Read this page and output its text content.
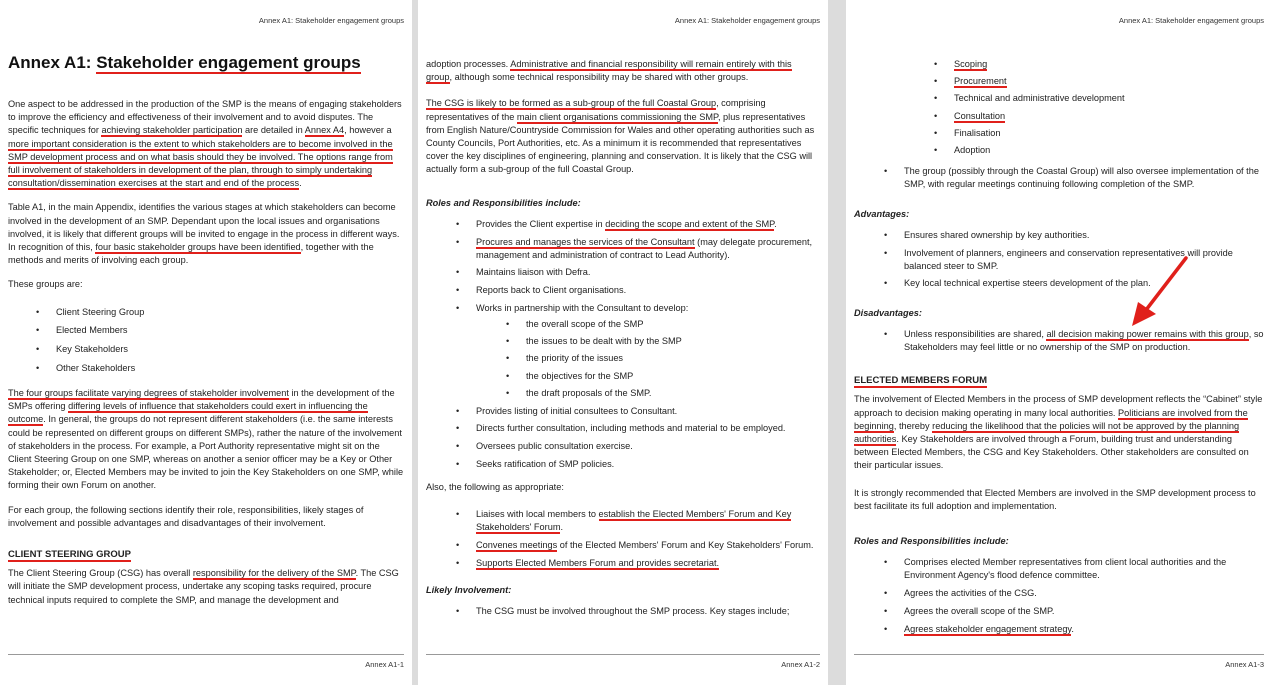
Annex A1: Stakeholder engagement groups
Annex A1: Stakeholder engagement groups

One aspect to be addressed in the production of the SMP is the means of engaging stakeholders to improve the efficiency and effectiveness of their involvement and to avoid disputes. The specific techniques for achieving stakeholder participation are detailed in Annex A4, however a more important consideration is the extent to which stakeholders are to become involved in the SMP development process and on what basis should they be involved. The options range from full involvement of stakeholders in development of the plan, through to simply undertaking consultation/dissemination exercises at the start and end of the process.

Table A1, in the main Appendix, identifies the various stages at which stakeholders can become involved in the development of an SMP. Dependant upon the local issues and organisations involved, it is likely that different groups will be invited to engage in the process in different ways. In recognition of this, four basic stakeholder groups have been identified, together with the methods and merits of involving each group.

These groups are:

• Client Steering Group
• Elected Members
• Key Stakeholders
• Other Stakeholders

The four groups facilitate varying degrees of stakeholder involvement in the development of the SMPs offering differing levels of influence that stakeholders could exert in influencing the outcome. In general, the groups do not represent different stakeholders (i.e. the same interests could be represented on different groups on different SMPs), rather the nature of the involvement of stakeholders in the process. For example, a Port Authority representative might sit on the Client Steering Group on one SMP, whereas on another a senior officer may be a Key or Other Stakeholder; or, Elected Members may be invited to join the Key Stakeholders on one SMP, while forming their own Forum on another.

For each group, the following sections identify their role, responsibilities, likely stages of involvement and possible advantages and disadvantages of their involvement.

CLIENT STEERING GROUP

The Client Steering Group (CSG) has overall responsibility for the delivery of the SMP. The CSG will initiate the SMP development process, undertake any scoping tasks required, procure technical inputs required to complete the SMP, and manage the development and

Annex A1-1
Annex A1: Stakeholder engagement groups

adoption processes. Administrative and financial responsibility will remain entirely with this group, although some technical responsibility may be shared with other groups.

The CSG is likely to be formed as a sub-group of the full Coastal Group, comprising representatives of the main client organisations commissioning the SMP, plus representatives from English Nature/Countryside Commission for Wales and other operating authorities such as County Councils, Port Authorities, etc. As a minimum it is recommended that representatives cover the key disciplines of engineering, planning and conservation. It is likely that the CSG will actually form a sub-group of the full Coastal Group.

Roles and Responsibilities include:

• Provides the Client expertise in deciding the scope and extent of the SMP.
• Procures and manages the services of the Consultant (may delegate procurement, management and administration of contract to Lead Authority).
• Maintains liaison with Defra.
• Reports back to Client organisations.
• Works in partnership with the Consultant to develop:
• the overall scope of the SMP
• the issues to be dealt with by the SMP
• the priority of the issues
• the objectives for the SMP
• the draft proposals of the SMP.
• Provides listing of initial consultees to Consultant.
• Directs further consultation, including methods and material to be employed.
• Oversees public consultation exercise.
• Seeks ratification of SMP policies.

Also, the following as appropriate:

• Liaises with local members to establish the Elected Members' Forum and Key Stakeholders' Forum.
• Convenes meetings of the Elected Members' Forum and Key Stakeholders' Forum.
• Supports Elected Members Forum and provides secretariat.

Likely Involvement:

• The CSG must be involved throughout the SMP process. Key stages include;
Annex A1-2
Annex A1: Stakeholder engagement groups
• Scoping
• Procurement
• Technical and administrative development
• Consultation
• Finalisation
• Adoption
• The group (possibly through the Coastal Group) will also oversee implementation of the SMP, with regular meetings continuing following completion of the SMP.

Advantages:

• Ensures shared ownership by key authorities.
• Involvement of planners, engineers and conservation representatives will provide balanced steer to SMP.
• Key local technical expertise steers development of the plan.

Disadvantages:

• Unless responsibilities are shared, all decision making power remains with this group, so Stakeholders may feel little or no ownership of the SMP on production.
ELECTED MEMBERS FORUM

The involvement of Elected Members in the process of SMP development reflects the “Cabinet” style approach to decision making operating in many local authorities. Politicians are involved from the beginning, thereby reducing the likelihood that the policies will not be approved by the planning authorities. Key Stakeholders are involved through a Forum, building trust and understanding between Elected Members, the CSG and Key Stakeholders. Other stakeholders are consulted on their particular issues.

It is strongly recommended that Elected Members are involved in the SMP development process to best facilitate its full adoption and implementation.

Roles and Responsibilities include:

• Comprises elected Member representatives from client local authorities and the Environment Agency's flood defence committee.
• Agrees the activities of the CSG.
• Agrees the overall scope of the SMP.
• Agrees stakeholder engagement strategy.
Annex A1-3
